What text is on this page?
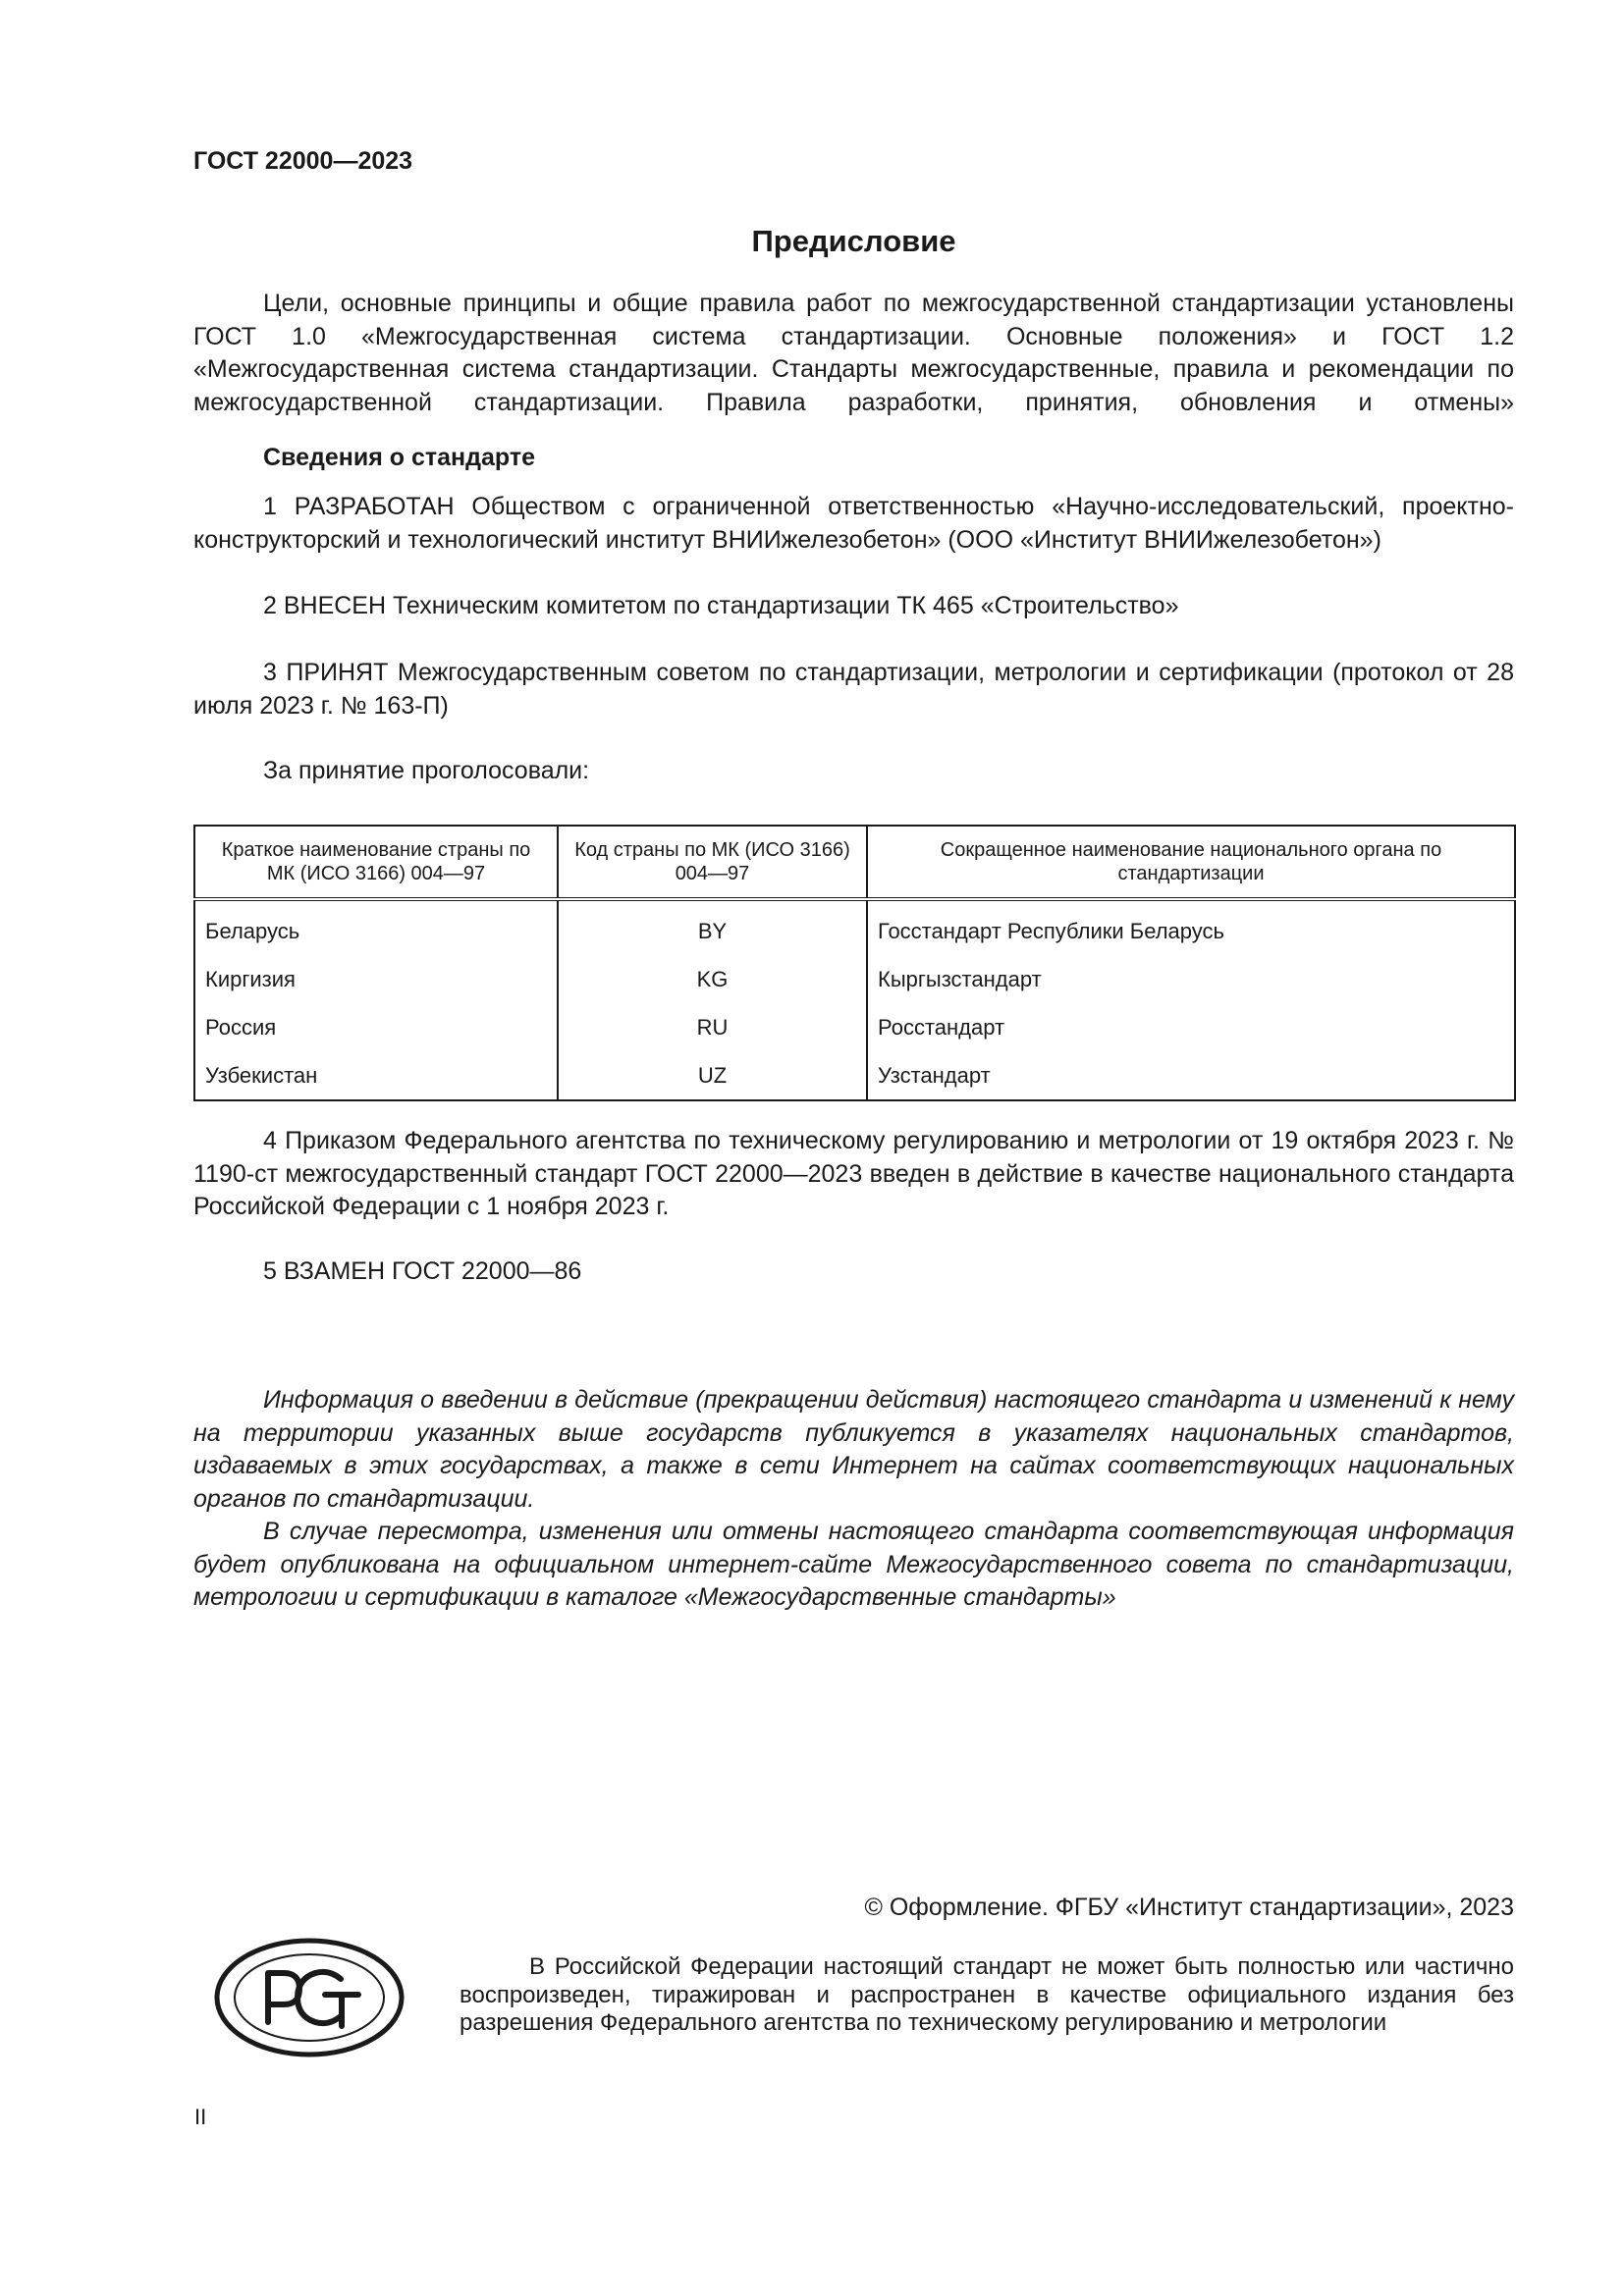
ГОСТ 22000—2023
Предисловие

Цели, основные принципы и общие правила работ по межгосударственной стандартизации установлены ГОСТ 1.0 «Межгосударственная система стандартизации. Основные положения» и ГОСТ 1.2 «Межгосударственная система стандартизации. Стандарты межгосударственные, правила и рекомендации по межгосударственной стандартизации. Правила разработки, принятия, обновления и отмены»

Сведения о стандарте

1 РАЗРАБОТАН Обществом с ограниченной ответственностью «Научно-исследовательский, проектно-конструкторский и технологический институт ВНИИжелезобетон» (ООО «Институт ВНИИжелезобетон»)

2 ВНЕСЕН Техническим комитетом по стандартизации ТК 465 «Строительство»

3 ПРИНЯТ Межгосударственным советом по стандартизации, метрологии и сертификации (протокол от 28 июля 2023 г. № 163-П)

За принятие проголосовали:

Краткое наименование страны по МК (ИСО 3166) 004—97	Код страны по МК (ИСО 3166) 004—97	Сокращенное наименование национального органа по стандартизации
Беларусь	BY	Госстандарт Республики Беларусь
Киргизия	KG	Кыргызстандарт
Россия	RU	Росстандарт
Узбекистан	UZ	Узстандарт

4 Приказом Федерального агентства по техническому регулированию и метрологии от 19 октября 2023 г. № 1190-ст межгосударственный стандарт ГОСТ 22000—2023 введен в действие в качестве национального стандарта Российской Федерации с 1 ноября 2023 г.

5 ВЗАМЕН ГОСТ 22000—86

Информация о введении в действие (прекращении действия) настоящего стандарта и изменений к нему на территории указанных выше государств публикуется в указателях национальных стандартов, издаваемых в этих государствах, а также в сети Интернет на сайтах соответствующих национальных органов по стандартизации.

В случае пересмотра, изменения или отмены настоящего стандарта соответствующая информация будет опубликована на официальном интернет-сайте Межгосударственного совета по стандартизации, метрологии и сертификации в каталоге «Межгосударственные стандарты»

© Оформление. ФГБУ «Институт стандартизации», 2023

В Российской Федерации настоящий стандарт не может быть полностью или частично воспроизведен, тиражирован и распространен в качестве официального издания без разрешения Федерального агентства по техническому регулированию и метрологии

II
